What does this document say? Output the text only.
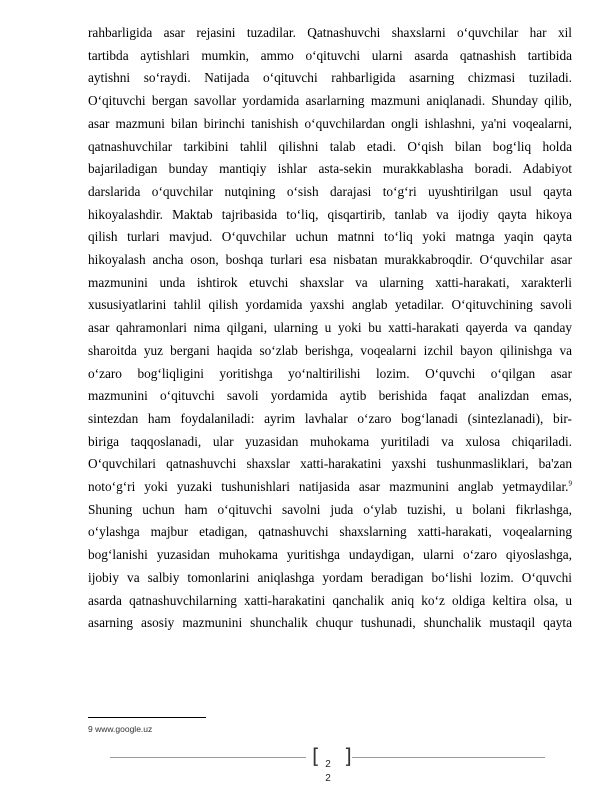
rahbarligida asar rejasini tuzadilar. Qatnashuvchi shaxslarni o‘quvchilar har xil
tartibda aytishlari mumkin, ammo o‘qituvchi ularni asarda qatnashish tartibida
aytishni so‘raydi. Natijada o‘qituvchi rahbarligida asarning chizmasi tuziladi.
O‘qituvchi bergan savollar yordamida asarlarning mazmuni aniqlanadi. Shunday qilib,
asar mazmuni bilan birinchi tanishish o‘quvchilardan ongli ishlashni, ya'ni voqealarni,
qatnashuvchilar tarkibini tahlil qilishni talab etadi. O‘qish bilan bog‘liq holda
bajariladigan bunday mantiqiy ishlar asta-sekin murakkablasha boradi. Adabiyot
darslarida o‘quvchilar nutqining o‘sish darajasi to‘g‘ri uyushtirilgan usul qayta
hikoyalashdir. Maktab tajribasida to‘liq, qisqartirib, tanlab va ijodiy qayta hikoya
qilish turlari mavjud. O‘quvchilar uchun matnni to‘liq yoki matnga yaqin qayta
hikoyalash ancha oson, boshqa turlari esa nisbatan murakkabroqdir. O‘quvchilar asar
mazmunini unda ishtirok etuvchi shaxslar va ularning xatti-harakati, xarakterli
xususiyatlarini tahlil qilish yordamida yaxshi anglab yetadilar. O‘qituvchining savoli
asar qahramonlari nima qilgani, ularning u yoki bu xatti-harakati qayerda va qanday
sharoitda yuz bergani haqida so‘zlab berishga, voqealarni izchil bayon qilinishga va
o‘zaro bog‘liqligini yoritishga yo‘naltirilishi lozim. O‘quvchi o‘qilgan asar
mazmunini o‘qituvchi savoli yordamida aytib berishida faqat analizdan emas,
sintezdan ham foydalaniladi: ayrim lavhalar o‘zaro bog‘lanadi (sintezlanadi), bir-
biriga taqqoslanadi, ular yuzasidan muhokama yuritiladi va xulosa chiqariladi.
O‘quvchilari qatnashuvchi shaxslar xatti-harakatini yaxshi tushunmasliklari, ba'zan
noto‘g‘ri yoki yuzaki tushunishlari natijasida asar mazmunini anglab yetmaydilar.$^9$
Shuning uchun ham o‘qituvchi savolni juda o‘ylab tuzishi, u bolani fikrlashga,
o‘ylashga majbur etadigan, qatnashuvchi shaxslarning xatti-harakati, voqealarning
bog‘lanishi yuzasidan muhokama yuritishga undaydigan, ularni o‘zaro qiyoslashga,
ijobiy va salbiy tomonlarini aniqlashga yordam beradigan bo‘lishi lozim. O‘quvchi
asarda qatnashuvchilarning xatti-harakatini qanchalik aniq ko‘z oldiga keltira olsa, u
asarning asosiy mazmunini shunchalik chuqur tushunadi, shunchalik mustaqil qayta
9 www.google.uz
[ 2
2
]
